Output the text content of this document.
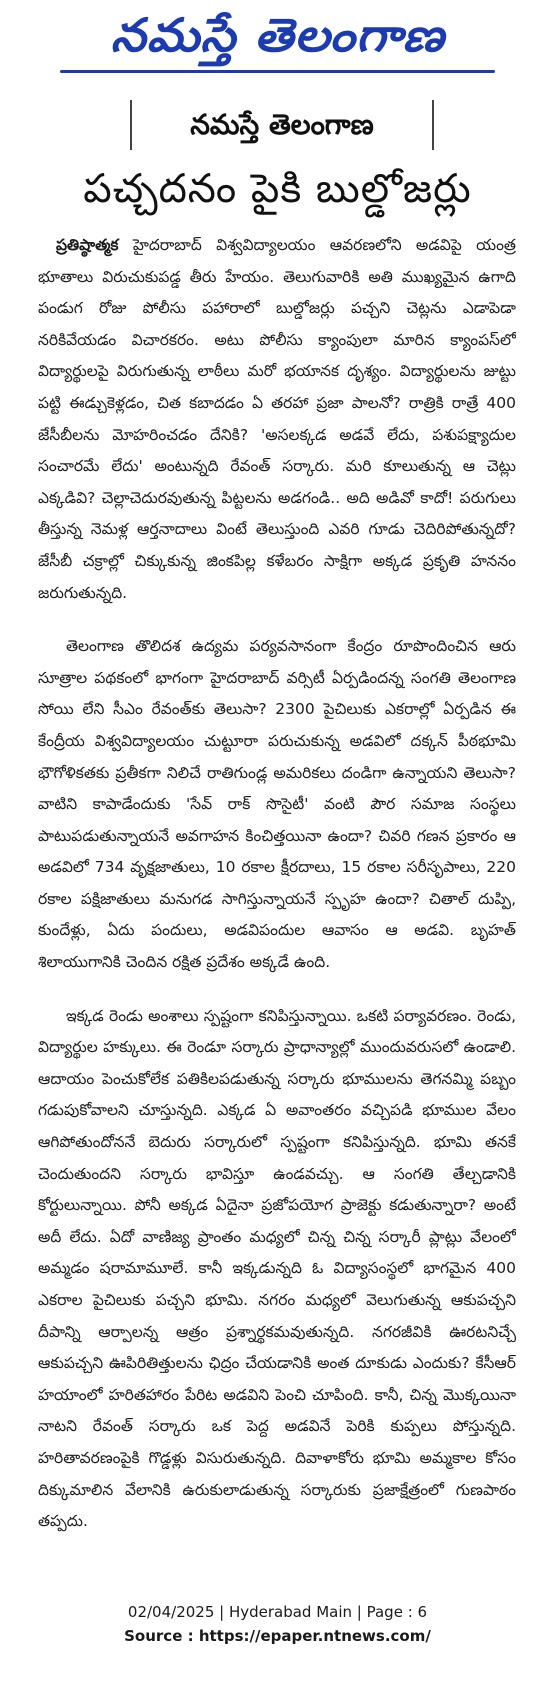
నమస్తే తెలంగాణ
నమస్తే తెలంగాణ
పచ్చదనం పైకి బుల్డోజర్లు

ప్రతిష్ఠాత్మక హైదరాబాద్‌ విశ్వవిద్యాలయం ఆవరణలోని అడవిపై యంత్ర భూతాలు విరుచుకుపడ్డ తీరు హేయం. తెలుగువారికి అతి ముఖ్యమైన ఉగాది పండుగ రోజు పోలీసు పహారాలో బుల్డోజర్లు పచ్చని చెట్లను ఎడాపెడా నరికివేయడం విచారకరం. అటు పోలీసు క్యాంపులా మారిన క్యాంపస్‌లో విద్యార్థులపై విరుగుతున్న లాఠీలు మరో భయానక దృశ్యం. విద్యార్థులను జుట్టు పట్టి ఈడ్చుకెళ్లడం, చిత కబాదడం ఏ తరహా ప్రజా పాలనో? రాత్రికి రాత్రే 400 జేసీబీలను మోహరించడం దేనికి? 'అసలక్కడ అడవే లేదు, పశుపక్ష్యాదుల సంచారమే లేదు' అంటున్నది రేవంత్‌ సర్కారు. మరి కూలుతున్న ఆ చెట్లు ఎక్కడివి? చెల్లాచెదురవుతున్న పిట్టలను అడగండి.. అది అడివో కాదో! పరుగులు తీస్తున్న నెమళ్ల ఆర్తనాదాలు వింటే తెలుస్తుంది ఎవరి గూడు చెదిరిపోతున్నదో? జేసీబీ చక్రాల్లో చిక్కుకున్న జింకపిల్ల కళేబరం సాక్షిగా అక్కడ ప్రకృతి హననం జరుగుతున్నది.

తెలంగాణ తొలిదశ ఉద్యమ పర్యవసానంగా కేంద్రం రూపొందించిన ఆరు సూత్రాల పథకంలో భాగంగా హైదరాబాద్‌ వర్సిటీ ఏర్పడిందన్న సంగతి తెలంగాణ సోయి లేని సీఎం రేవంత్‌కు తెలుసా? 2300 పైచిలుకు ఎకరాల్లో ఏర్పడిన ఈ కేంద్రీయ విశ్వవిద్యాలయం చుట్టూరా పరుచుకున్న అడవిలో దక్కన్‌ పీఠభూమి భౌగోళికతకు ప్రతీకగా నిలిచే రాతిగుండ్ల అమరికలు దండిగా ఉన్నాయని తెలుసా? వాటిని కాపాడేందుకు 'సేవ్‌ రాక్‌ సొసైటీ' వంటి పౌర సమాజ సంస్థలు పాటుపడుతున్నాయనే అవగాహన కించిత్తయినా ఉందా? చివరి గణన ప్రకారం ఆ అడవిలో 734 వృక్షజాతులు, 10 రకాల క్షీరదాలు, 15 రకాల సరీసృపాలు, 220 రకాల పక్షిజాతులు మనుగడ సాగిస్తున్నాయనే స్పృహ ఉందా? చితాల్‌ దుప్పి, కుందేళ్లు, ఏదు పందులు, అడవిపందుల ఆవాసం ఆ అడవి. బృహత్‌ శిలాయుగానికి చెందిన రక్షిత ప్రదేశం అక్కడే ఉంది.

ఇక్కడ రెండు అంశాలు స్పష్టంగా కనిపిస్తున్నాయి. ఒకటి పర్యావరణం. రెండు, విద్యార్థుల హక్కులు. ఈ రెండూ సర్కారు ప్రాధాన్యాల్లో ముందువరుసలో ఉండాలి. ఆదాయం పెంచుకోలేక పతికిలపడుతున్న సర్కారు భూములను తెగనమ్మి పబ్బం గడుపుకోవాలని చూస్తున్నది. ఎక్కడ ఏ అవాంతరం వచ్చిపడి భూముల వేలం ఆగిపోతుందోననే బెదురు సర్కారులో స్పష్టంగా కనిపిస్తున్నది. భూమి తనకే చెందుతుందని సర్కారు భావిస్తూ ఉండవచ్చు. ఆ సంగతి తేల్చడానికి కోర్టులున్నాయి. పోనీ అక్కడ ఏదైనా ప్రజోపయోగ ప్రాజెక్టు కడుతున్నారా? అంటే అదీ లేదు. ఏదో వాణిజ్య ప్రాంతం మధ్యలో చిన్న చిన్న సర్కారీ ప్లాట్లు వేలంలో అమ్మడం షరామామూలే. కానీ ఇక్కడున్నది ఓ విద్యాసంస్థలో భాగమైన 400 ఎకరాల పైచిలుకు పచ్చని భూమి. నగరం మధ్యలో వెలుగుతున్న ఆకుపచ్చని దీపాన్ని ఆర్పాలన్న ఆత్రం ప్రశ్నార్థకమవుతున్నది. నగరజీవికి ఊరటనిచ్చే ఆకుపచ్చని ఊపిరితిత్తులను ఛిద్రం చేయడానికి అంత దూకుడు ఎందుకు? కేసీఆర్‌ హయాంలో హరితహారం పేరిట అడవిని పెంచి చూపింది. కానీ, చిన్న మొక్కయినా నాటని రేవంత్‌ సర్కారు ఒక పెద్ద అడవినే పెరికి కుప్పలు పోస్తున్నది. హరితావరణంపైకి గొడ్డళ్లు విసురుతున్నది. దివాళాకోరు భూమి అమ్మకాల కోసం దిక్కుమాలిన వేలానికి ఉరుకులాడుతున్న సర్కారుకు ప్రజాక్షేత్రంలో గుణపాఠం తప్పదు.

02/04/2025 | Hyderabad Main | Page : 6
Source : https://epaper.ntnews.com/
